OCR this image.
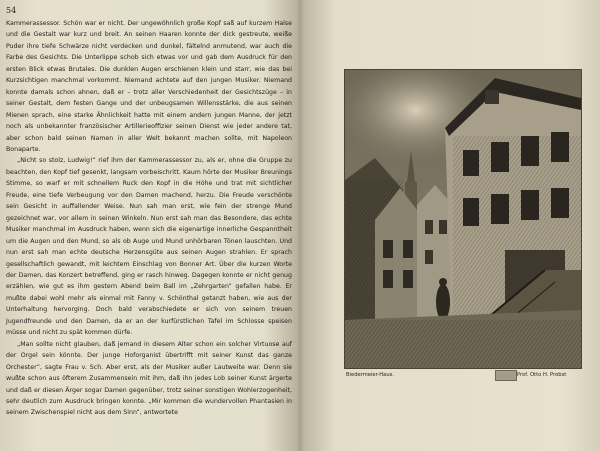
54

Kammerassessor. Schön war er nicht. Der ungewöhnlich große Kopf saß auf kurzem Halse und die Gestalt war kurz und breit. An seinen Haaren konnte der dick gestreute, weiße Puder ihre tiefe Schwärze nicht verdecken und dunkel, fältelnd anmutend, war auch die Farbe des Gesichts. Die Unterlippe schob sich etwas vor und gab dem Ausdruck für den ersten Blick etwas Brutales. Die dunklen Augen erschienen klein und starr, wie das bei Kurzsichtigen manchmal vorkommt. Niemand achtete auf den jungen Musiker. Niemand konnte damals schon ahnen, daß er – trotz aller Verschiedenheit der Gesichtszüge – in seiner Gestalt, dem festen Gange und der unbeugsamen Willensstärke, die aus seinen Mienen sprach, eine starke Ähnlichkeit hatte mit einem andern jungen Manne, der jetzt noch als unbekannter französischer Artillerieoffizier seinen Dienst wie jeder andere tat, aber schon bald seinen Namen in aller Welt bekannt machen sollte, mit Napoleon Bonaparte.

„Nicht so stolz, Ludwig!“ rief ihm der Kammerassessor zu, als er, ohne die Gruppe zu beachten, den Kopf tief gesenkt, langsam vorbeischritt. Kaum hörte der Musiker Breunings Stimme, so warf er mit schnellem Ruck den Kopf in die Höhe und trat mit sichtlicher Freude, eine tiefe Verbeugung vor den Damen machend, herzu. Die Freude verschönte sein Gesicht in auffallender Weise. Nun sah man erst, wie fein der strenge Mund gezeichnet war, vor allem in seinen Winkeln. Nun erst sah man das Besondere, das echte Musiker manchmal im Ausdruck haben, wenn sich die eigenartige innerliche Gespanntheit um die Augen und den Mund, so als ob Auge und Mund unhörbaren Tönen lauschten. Und nun erst sah man echte deutsche Herzensgüte aus seinen Augen strahlen. Er sprach gesellschaftlich gewandt, mit leichtem Einschlag von Bonner Art. Über die kurzen Worte der Damen, das Konzert betreffend, ging er rasch hinweg. Dagegen konnte er nicht genug erzählen, wie gut es ihm gestern Abend beim Ball im „Zehrgarten“ gefallen habe. Er mußte dabei wohl mehr als einmal mit Fanny v. Schönthal getanzt haben, wie aus der Unterhaltung hervorging. Doch bald verabschiedete er sich von seinem treuen Jugendfreunde und den Damen, da er an der kurfürstlichen Tafel im Schlosse speisen müsse und nicht zu spät kommen dürfe.

„Man sollte nicht glauben, daß jemand in diesem Alter schon ein solcher Virtuose auf der Orgel sein könnte. Der junge Hoforganist übertrifft mit seiner Kunst das ganze Orchester“, sagte Frau v. Sch. Aber erst, als der Musiker außer Lautweite war. Denn sie wußte schon aus öfterem Zusammensein mit ihm, daß ihn jedes Lob seiner Kunst ärgerte und daß er diesen Ärger sogar Damen gegenüber, trotz seiner sonstigen Wohlerzogenheit, sehr deutlich zum Ausdruck bringen konnte. „Mir kommen die wundervollen Phantasien in seinem Zwischenspiel nicht aus dem Sinn“, antwortete

Biedermeier-Haus.	Prof. Otto H. Probst
